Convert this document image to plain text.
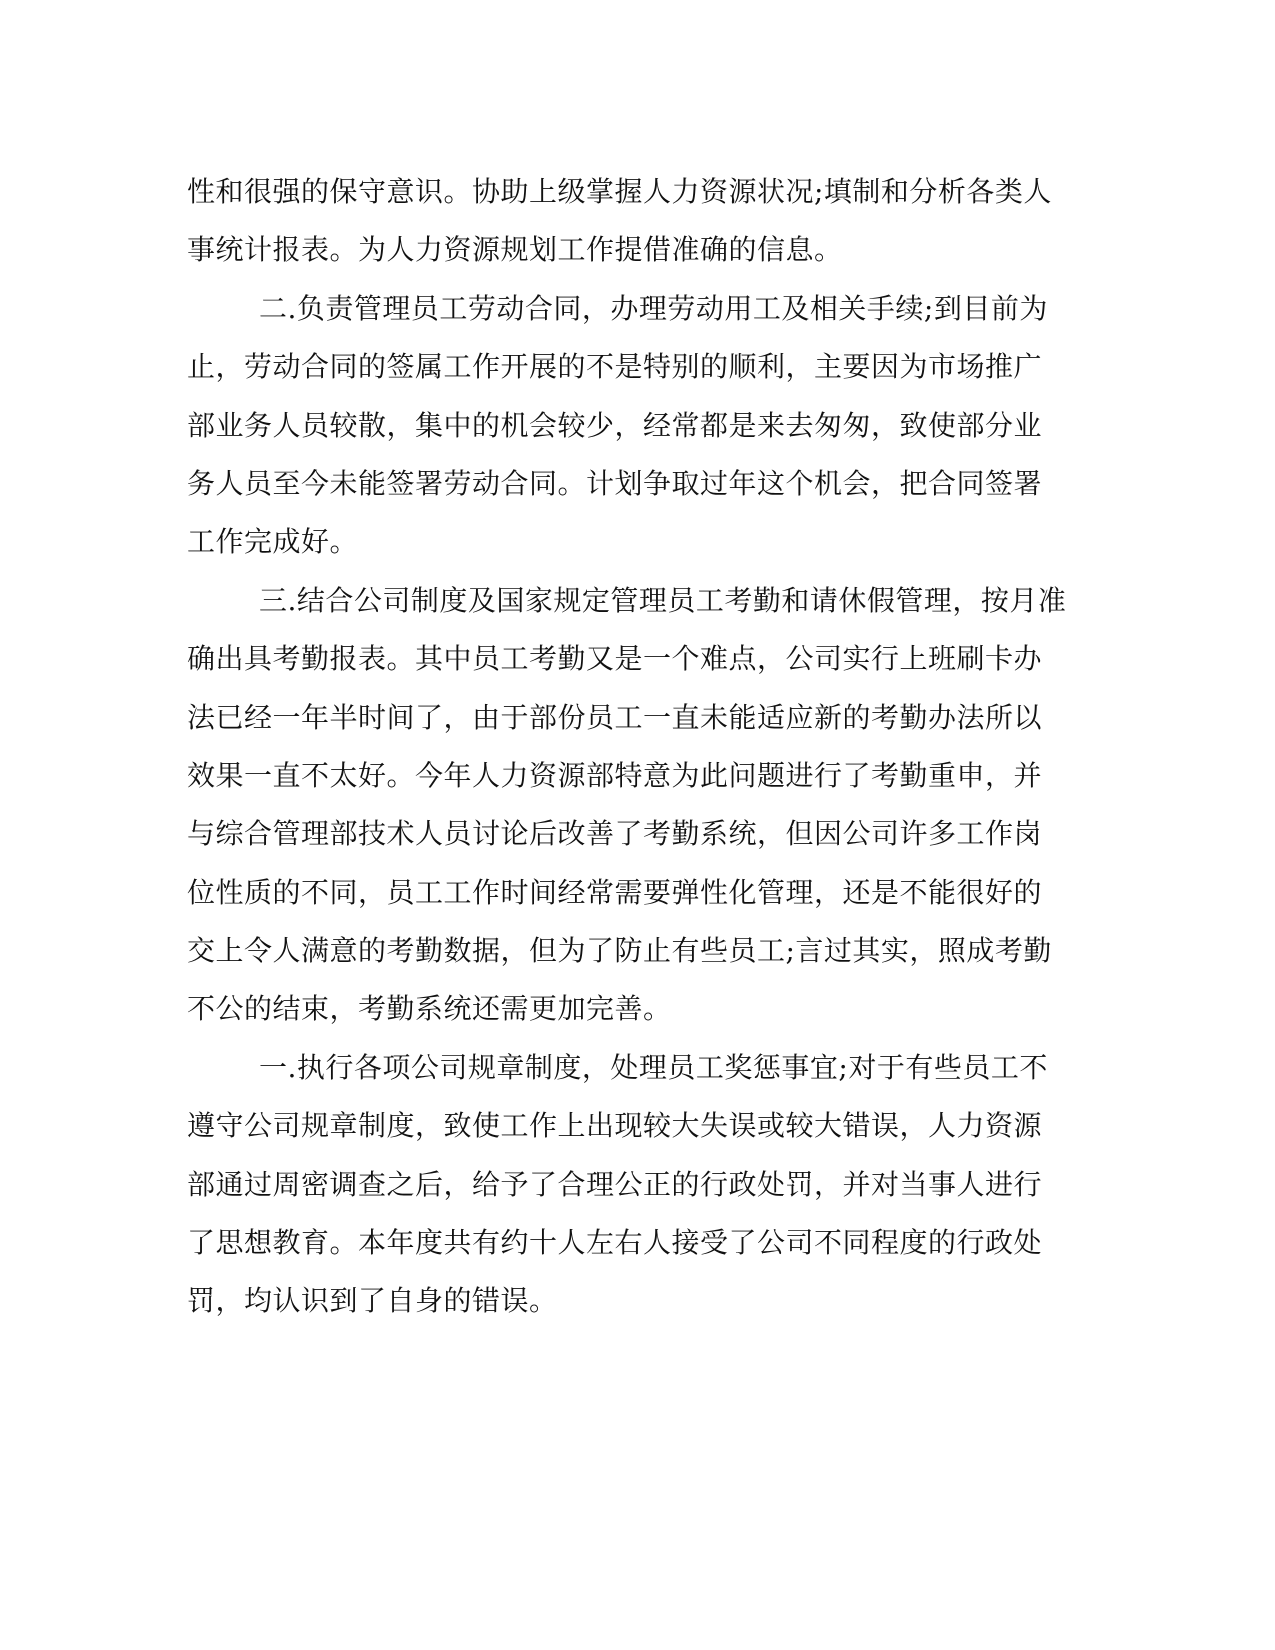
性和很强的保守意识。协助上级掌握人力资源状况;填制和分析各类人
事统计报表。为人力资源规划工作提借准确的信息。
二.负责管理员工劳动合同，办理劳动用工及相关手续;到目前为
止，劳动合同的签属工作开展的不是特别的顺利，主要因为市场推广
部业务人员较散，集中的机会较少，经常都是来去匆匆，致使部分业
务人员至今未能签署劳动合同。计划争取过年这个机会，把合同签署
工作完成好。
三.结合公司制度及国家规定管理员工考勤和请休假管理，按月准
确出具考勤报表。其中员工考勤又是一个难点，公司实行上班刷卡办
法已经一年半时间了，由于部份员工一直未能适应新的考勤办法所以
效果一直不太好。今年人力资源部特意为此问题进行了考勤重申，并
与综合管理部技术人员讨论后改善了考勤系统，但因公司许多工作岗
位性质的不同，员工工作时间经常需要弹性化管理，还是不能很好的
交上令人满意的考勤数据，但为了防止有些员工;言过其实，照成考勤
不公的结束，考勤系统还需更加完善。
一.执行各项公司规章制度，处理员工奖惩事宜;对于有些员工不
遵守公司规章制度，致使工作上出现较大失误或较大错误，人力资源
部通过周密调查之后，给予了合理公正的行政处罚，并对当事人进行
了思想教育。本年度共有约十人左右人接受了公司不同程度的行政处
罚，均认识到了自身的错误。
